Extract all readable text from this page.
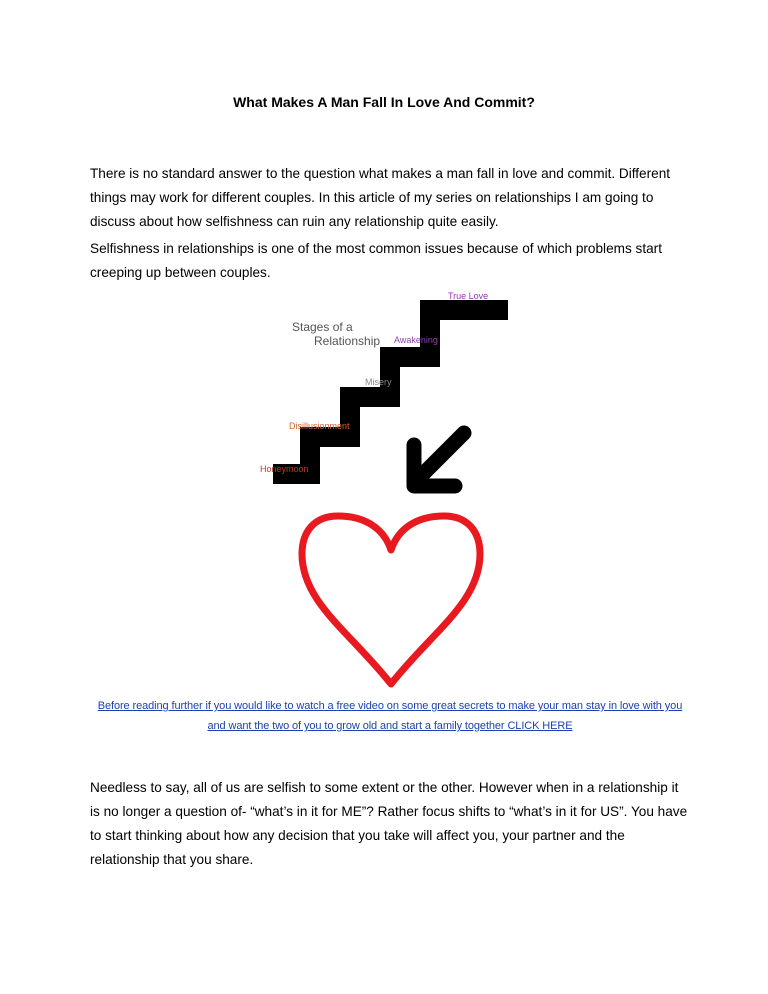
What Makes A Man Fall In Love And Commit?

There is no standard answer to the question what makes a man fall in love and commit. Different things may work for different couples. In this article of my series on relationships I am going to discuss about how selfishness can ruin any relationship quite easily.

Selfishness in relationships is one of the most common issues because of which problems start creeping up between couples.

Stages of a
Relationship
Honeymoon
Disillusionment
Misery
Awakening
True Love

Before reading further if you would like to watch a free video on some great secrets to make your man stay in love with you and want the two of you to grow old and start a family together CLICK HERE

Needless to say, all of us are selfish to some extent or the other. However when in a relationship it is no longer a question of- “what’s in it for ME”? Rather focus shifts to “what’s in it for US”. You have to start thinking about how any decision that you take will affect you, your partner and the relationship that you share.
